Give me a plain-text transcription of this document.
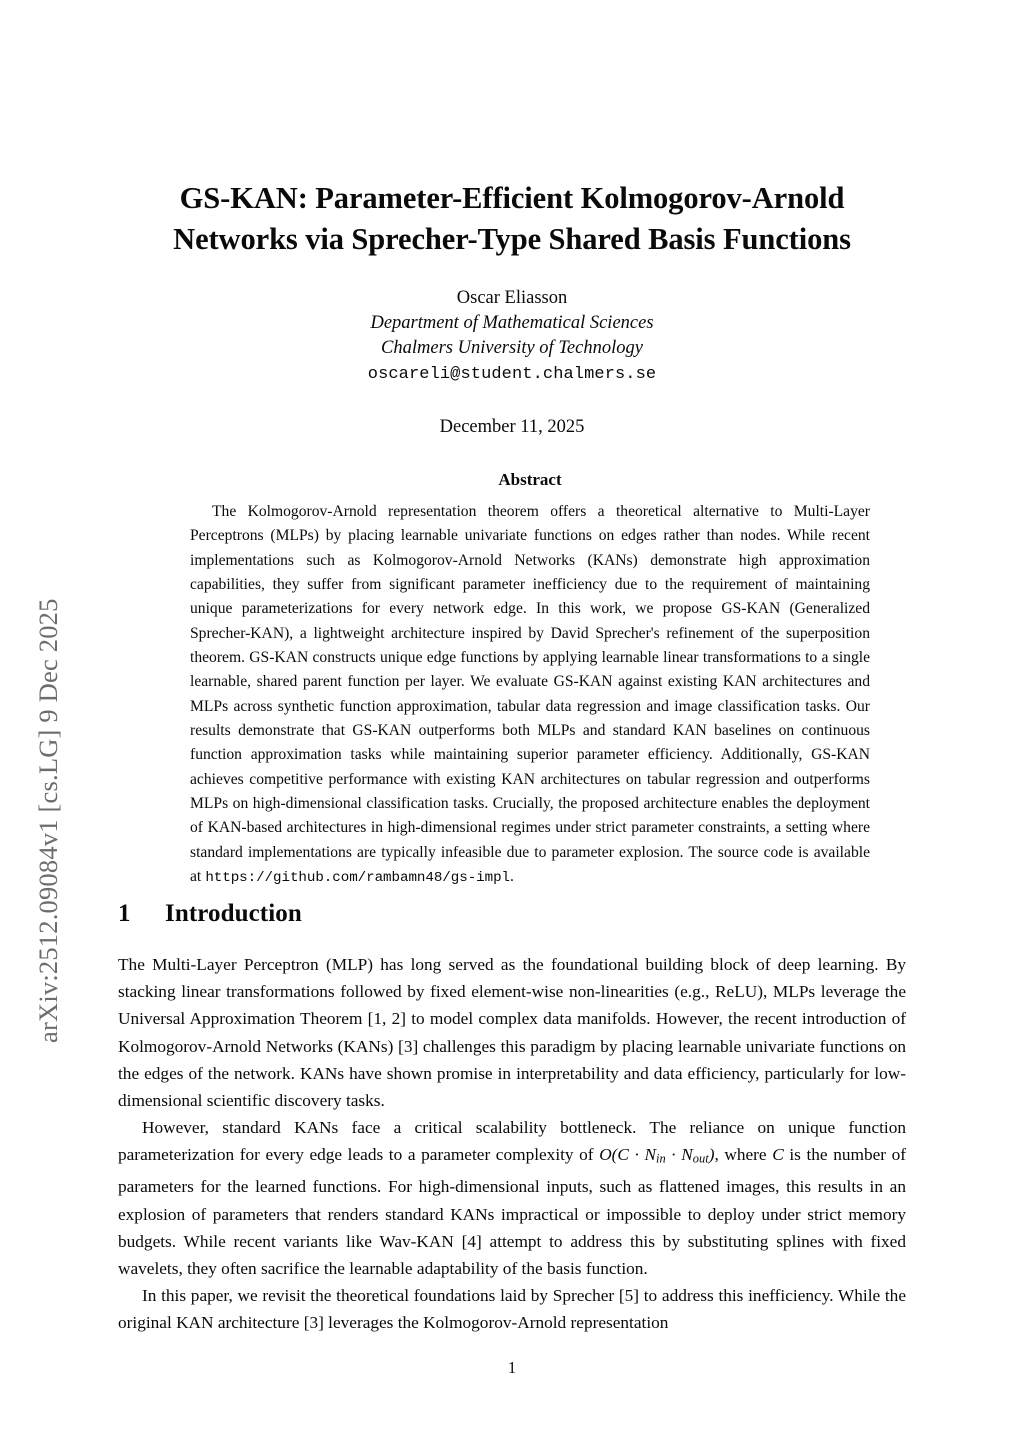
arXiv:2512.09084v1 [cs.LG] 9 Dec 2025
GS-KAN: Parameter-Efficient Kolmogorov-Arnold Networks via Sprecher-Type Shared Basis Functions
Oscar Eliasson
Department of Mathematical Sciences
Chalmers University of Technology
oscareli@student.chalmers.se
December 11, 2025
Abstract
The Kolmogorov-Arnold representation theorem offers a theoretical alternative to Multi-Layer Perceptrons (MLPs) by placing learnable univariate functions on edges rather than nodes. While recent implementations such as Kolmogorov-Arnold Networks (KANs) demonstrate high approximation capabilities, they suffer from significant parameter inefficiency due to the requirement of maintaining unique parameterizations for every network edge. In this work, we propose GS-KAN (Generalized Sprecher-KAN), a lightweight architecture inspired by David Sprecher's refinement of the superposition theorem. GS-KAN constructs unique edge functions by applying learnable linear transformations to a single learnable, shared parent function per layer. We evaluate GS-KAN against existing KAN architectures and MLPs across synthetic function approximation, tabular data regression and image classification tasks. Our results demonstrate that GS-KAN outperforms both MLPs and standard KAN baselines on continuous function approximation tasks while maintaining superior parameter efficiency. Additionally, GS-KAN achieves competitive performance with existing KAN architectures on tabular regression and outperforms MLPs on high-dimensional classification tasks. Crucially, the proposed architecture enables the deployment of KAN-based architectures in high-dimensional regimes under strict parameter constraints, a setting where standard implementations are typically infeasible due to parameter explosion. The source code is available at https://github.com/rambamn48/gs-impl.
1 Introduction

The Multi-Layer Perceptron (MLP) has long served as the foundational building block of deep learning. By stacking linear transformations followed by fixed element-wise non-linearities (e.g., ReLU), MLPs leverage the Universal Approximation Theorem [1, 2] to model complex data manifolds. However, the recent introduction of Kolmogorov-Arnold Networks (KANs) [3] challenges this paradigm by placing learnable univariate functions on the edges of the network. KANs have shown promise in interpretability and data efficiency, particularly for low-dimensional scientific discovery tasks.

However, standard KANs face a critical scalability bottleneck. The reliance on unique function parameterization for every edge leads to a parameter complexity of $O(C \cdot N_{in} \cdot N_{out})$, where C is the number of parameters for the learned functions. For high-dimensional inputs, such as flattened images, this results in an explosion of parameters that renders standard KANs impractical or impossible to deploy under strict memory budgets. While recent variants like Wav-KAN [4] attempt to address this by substituting splines with fixed wavelets, they often sacrifice the learnable adaptability of the basis function.

In this paper, we revisit the theoretical foundations laid by Sprecher [5] to address this inefficiency. While the original KAN architecture [3] leverages the Kolmogorov-Arnold representation

1
